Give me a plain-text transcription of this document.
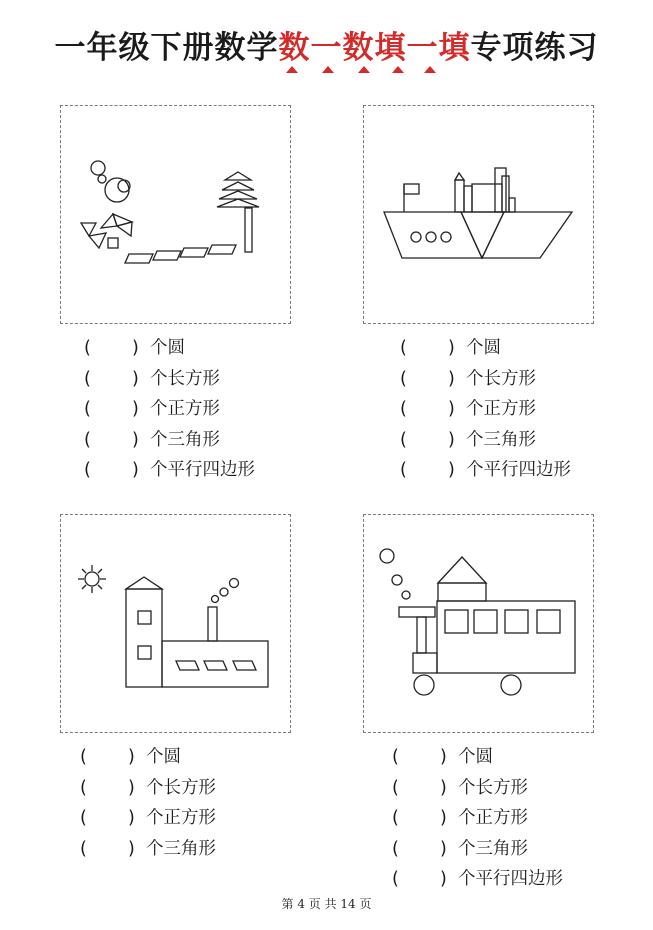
一年级下册数学数一数填一填专项练习
( ) 个圆
( ) 个长方形
( ) 个正方形
( ) 个三角形
( ) 个平行四边形
( ) 个圆
( ) 个长方形
( ) 个正方形
( ) 个三角形
( ) 个平行四边形
( ) 个圆
( ) 个长方形
( ) 个正方形
( ) 个三角形
( ) 个圆
( ) 个长方形
( ) 个正方形
( ) 个三角形
( ) 个平行四边形
第 4 页 共 14 页
